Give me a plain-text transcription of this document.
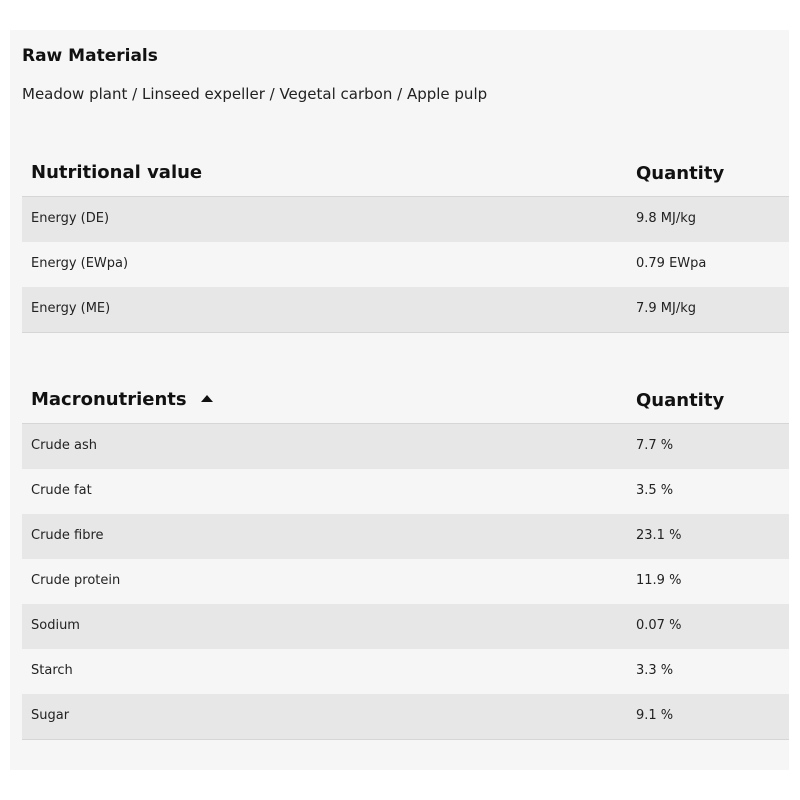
Raw Materials
Meadow plant / Linseed expeller / Vegetal carbon / Apple pulp
Nutritional value	Quantity
Energy (DE)	9.8 MJ/kg
Energy (EWpa)	0.79 EWpa
Energy (ME)	7.9 MJ/kg
Macronutrients	Quantity
Crude ash	7.7 %
Crude fat	3.5 %
Crude fibre	23.1 %
Crude protein	11.9 %
Sodium	0.07 %
Starch	3.3 %
Sugar	9.1 %
